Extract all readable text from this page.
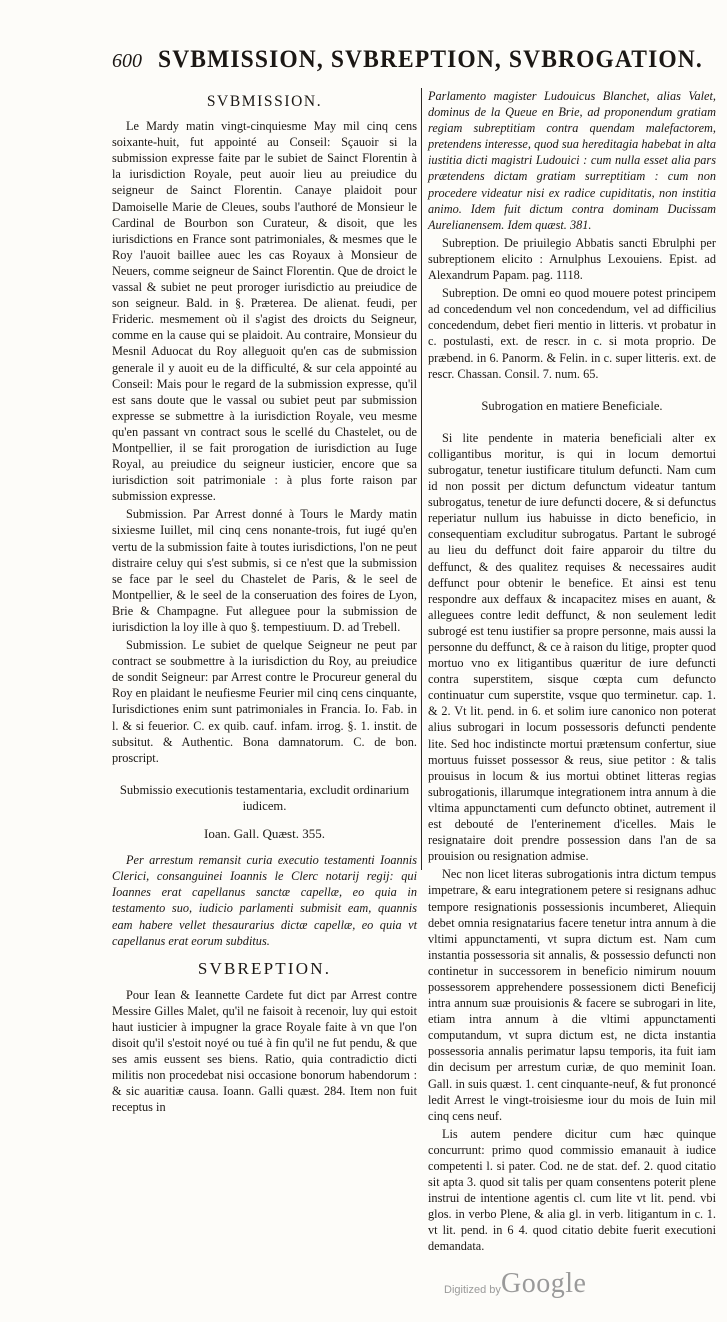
600 SVBMISSION, SVBREPTION, SVBROGATION.
SVBMISSION.

Le Mardy matin vingt-cinquiesme May mil cinq cens soixante-huit, fut appointé au Conseil: Sçauoir si la submission expresse faite par le subiet de Sainct Florentin à la iurisdiction Royale, peut auoir lieu au preiudice du seigneur de Sainct Florentin. Canaye plaidoit pour Damoiselle Marie de Cleues, soubs l'authoré de Monsieur le Cardinal de Bourbon son Curateur, & disoit, que les iurisdictions en France sont patrimoniales, & mesmes que le Roy l'auoit baillee auec les cas Royaux à Monsieur de Neuers, comme seigneur de Sainct Florentin. Que de droict le vassal & subiet ne peut proroger iurisdictio au preiudice de son seigneur. Bald. in §. Præterea. De alienat. feudi, per Frideric. mesmement où il s'agist des droicts du Seigneur, comme en la cause qui se plaidoit. Au contraire, Monsieur du Mesnil Aduocat du Roy alleguoit qu'en cas de submission generale il y auoit eu de la difficulté, & sur cela appointé au Conseil: Mais pour le regard de la submission expresse, qu'il est sans doute que le vassal ou subiet peut par submission expresse se submettre à la iurisdiction Royale, veu mesme qu'en passant vn contract sous le scellé du Chastelet, ou de Montpellier, il se fait prorogation de iurisdiction au Iuge Royal, au preiudice du seigneur iusticier, encore que sa iurisdiction soit patrimoniale : à plus forte raison par submission expresse.

Submission. Par Arrest donné à Tours le Mardy matin sixiesme Iuillet, mil cinq cens nonante-trois, fut iugé qu'en vertu de la submission faite à toutes iurisdictions, l'on ne peut distraire celuy qui s'est submis, si ce n'est que la submission se face par le seel du Chastelet de Paris, & le seel de Montpellier, & le seel de la conseruation des foires de Lyon, Brie & Champagne. Fut alleguee pour la submission de iurisdiction la loy ille à quo §. tempestiuum. D. ad Trebell.

Submission. Le subiet de quelque Seigneur ne peut par contract se soubmettre à la iurisdiction du Roy, au preiudice de sondit Seigneur: par Arrest contre le Procureur general du Roy en plaidant le neufiesme Feurier mil cinq cens cinquante, Iurisdictiones enim sunt patrimoniales in Francia. Io. Fab. in l. & si feuerior. C. ex quib. cauf. infam. irrog. §. 1. instit. de subsitut. & Authentic. Bona damnatorum. C. de bon. proscript.

Submissio executionis testamentaria, excludit ordinarium iudicem.
Ioan. Gall. Quæst. 355.

Per arrestum remansit curia executio testamenti Ioannis Clerici, consanguinei Ioannis le Clerc notarij regij: qui Ioannes erat capellanus sanctæ capellæ, eo quia in testamento suo, iudicio parlamenti submisit eam, quannis eam habere vellet thesaurarius dictæ capellæ, eo quia vt capellanus erat eorum subditus.

SVBREPTION.

Pour Iean & Ieannette Cardete fut dict par Arrest contre Messire Gilles Malet, qu'il ne faisoit à recenoir, luy qui estoit haut iusticier à impugner la grace Royale faite à vn que l'on disoit qu'il s'estoit noyé ou tué à fin qu'il ne fut pendu, & que ses amis eussent ses biens. Ratio, quia contradictio dicti militis non procedebat nisi occasione bonorum habendorum : & sic auaritiæ causa. Ioann. Galli quæst. 284. Item non fuit receptus in

Parlamento magister Ludouicus Blanchet, alias Valet, dominus de la Queue en Brie, ad proponendum gratiam regiam subreptitiam contra quendam malefactorem, pretendens interesse, quod sua hereditagia habebat in alta iustitia dicti magistri Ludouici : cum nulla esset alia pars prætendens dictam gratiam surreptitiam : cum non procedere videatur nisi ex radice cupiditatis, non institia animo. Idem fuit dictum contra dominam Ducissam Aurelianensem. Idem quæst. 381.

Subreption. De priuilegio Abbatis sancti Ebrulphi per subreptionem elicito : Arnulphus Lexouiens. Epist. ad Alexandrum Papam. pag. 1118.

Subreption. De omni eo quod mouere potest principem ad concedendum vel non concedendum, vel ad difficilius concedendum, debet fieri mentio in litteris. vt probatur in c. postulasti, ext. de rescr. in c. si mota proprio. De præbend. in 6. Panorm. & Felin. in c. super litteris. ext. de rescr. Chassan. Consil. 7. num. 65.

Subrogation en matiere Beneficiale.

Si lite pendente in materia beneficiali alter ex colligantibus moritur, is qui in locum demortui subrogatur, tenetur iustificare titulum defuncti. Nam cum id non possit per dictum defunctum videatur tantum subrogatus, tenetur de iure defuncti docere, & si defunctus reperiatur nullum ius habuisse in dicto beneficio, in consequentiam excluditur subrogatus. Partant le subrogé au lieu du deffunct doit faire apparoir du tiltre du deffunct, & des qualitez requises & necessaires audit deffunct pour obtenir le benefice. Et ainsi est tenu respondre aux deffaux & incapacitez mises en auant, & alleguees contre ledit deffunct, & non seulement ledit subrogé est tenu iustifier sa propre personne, mais aussi la personne du deffunct, & ce à raison du litige, propter quod mortuo vno ex litigantibus quæritur de iure defuncti contra superstitem, sisque cœpta cum defuncto continuatur cum superstite, vsque quo terminetur. cap. 1. & 2. Vt lit. pend. in 6. et solim iure canonico non poterat alius subrogari in locum possessoris defuncti pendente lite. Sed hoc indistincte mortui prætensum confertur, siue mortuus fuisset possessor & reus, siue petitor : & talis prouisus in locum & ius mortui obtinet litteras regias subrogationis, illarumque integrationem intra annum à die vltima appunctamenti cum defuncto obtinet, autrement il est debouté de l'enterinement d'icelles. Mais le resignataire doit prendre possession dans l'an de sa prouision ou resignation admise.

Nec non licet literas subrogationis intra dictum tempus impetrare, & earu integrationem petere si resignans adhuc tempore resignationis possessionis incumberet, Aliequin debet omnia resignatarius facere tenetur intra annum à die vltimi appunctamenti, vt supra dictum est. Nam cum instantia possessoria sit annalis, & possessio defuncti non continetur in successorem in beneficio nimirum nouum possessorem apprehendere possessionem dicti Beneficij intra annum suæ prouisionis & facere se subrogari in lite, etiam intra annum à die vltimi appunctamenti computandum, vt supra dictum est, ne dicta instantia possessoria annalis perimatur lapsu temporis, ita fuit iam din decisum per arrestum curiæ, de quo meminit Ioan. Gall. in suis quæst. 1. cent cinquante-neuf, & fut prononcé ledit Arrest le vingt-troisiesme iour du mois de Iuin mil cinq cens neuf.

Lis autem pendere dicitur cum hæc quinque concurrunt: primo quod commissio emanauit à iudice competenti l. si pater. Cod. ne de stat. def. 2. quod citatio sit apta 3. quod sit talis per quam consentens poterit plene instrui de intentione agentis cl. cum lite vt lit. pend. vbi glos. in verbo Plene, & alia gl. in verb. litigantum in c. 1. vt lit. pend. in 6 4. quod citatio debite fuerit executioni demandata.

Digitized by Google
